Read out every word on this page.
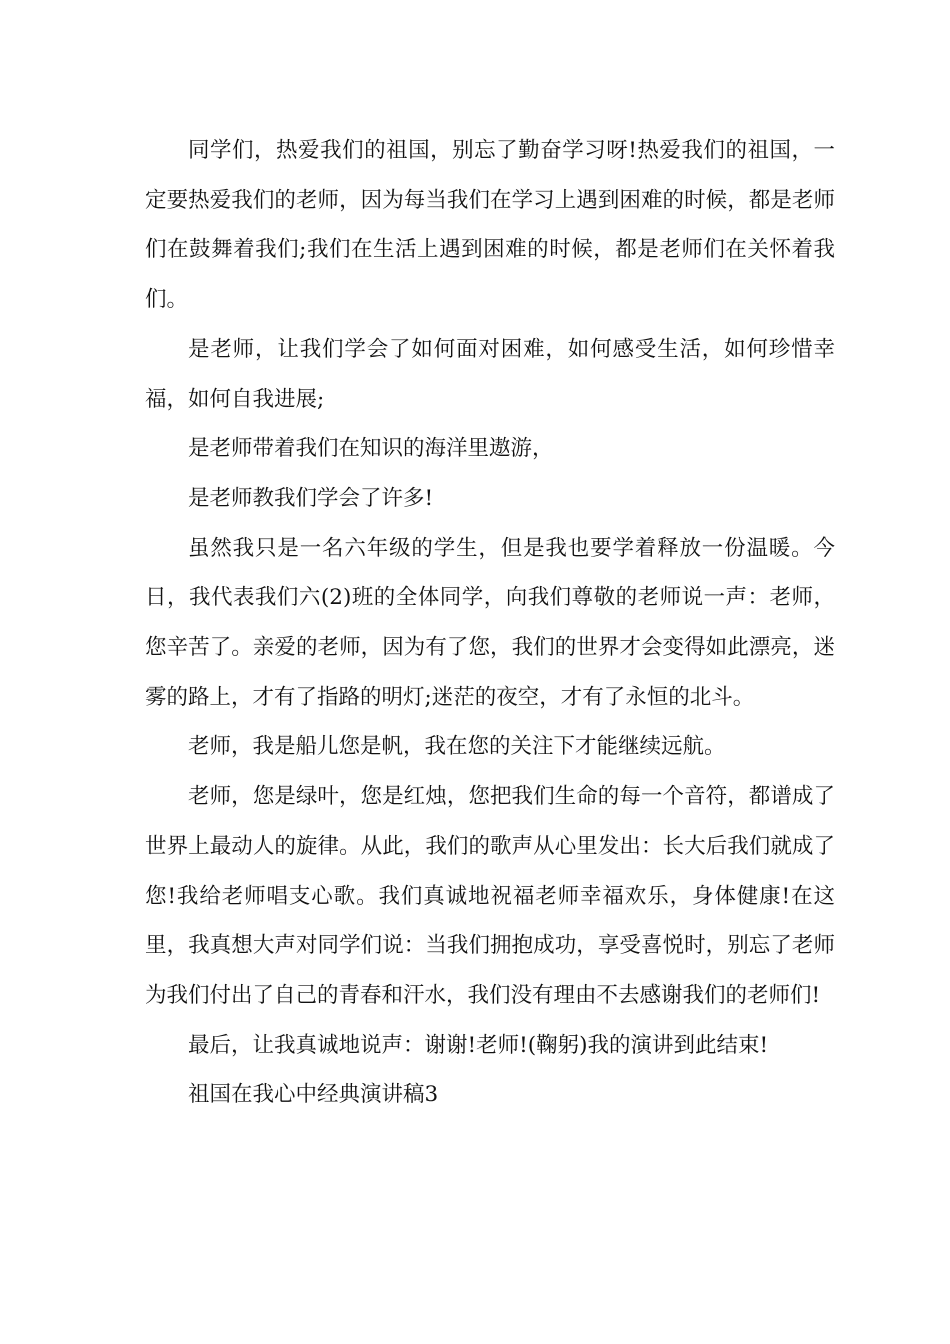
同学们，热爱我们的祖国，别忘了勤奋学习呀!热爱我们的祖国，一定要热爱我们的老师，因为每当我们在学习上遇到困难的时候，都是老师们在鼓舞着我们;我们在生活上遇到困难的时候，都是老师们在关怀着我们。

是老师，让我们学会了如何面对困难，如何感受生活，如何珍惜幸福，如何自我进展;

是老师带着我们在知识的海洋里遨游，

是老师教我们学会了许多!

虽然我只是一名六年级的学生，但是我也要学着释放一份温暖。今日，我代表我们六(2)班的全体同学，向我们尊敬的老师说一声：老师，您辛苦了。亲爱的老师，因为有了您，我们的世界才会变得如此漂亮，迷雾的路上，才有了指路的明灯;迷茫的夜空，才有了永恒的北斗。

老师，我是船儿您是帆，我在您的关注下才能继续远航。

老师，您是绿叶，您是红烛，您把我们生命的每一个音符，都谱成了世界上最动人的旋律。从此，我们的歌声从心里发出：长大后我们就成了您!我给老师唱支心歌。我们真诚地祝福老师幸福欢乐，身体健康!在这里，我真想大声对同学们说：当我们拥抱成功，享受喜悦时，别忘了老师为我们付出了自己的青春和汗水，我们没有理由不去感谢我们的老师们!

最后，让我真诚地说声：谢谢!老师!(鞠躬)我的演讲到此结束!

祖国在我心中经典演讲稿3
